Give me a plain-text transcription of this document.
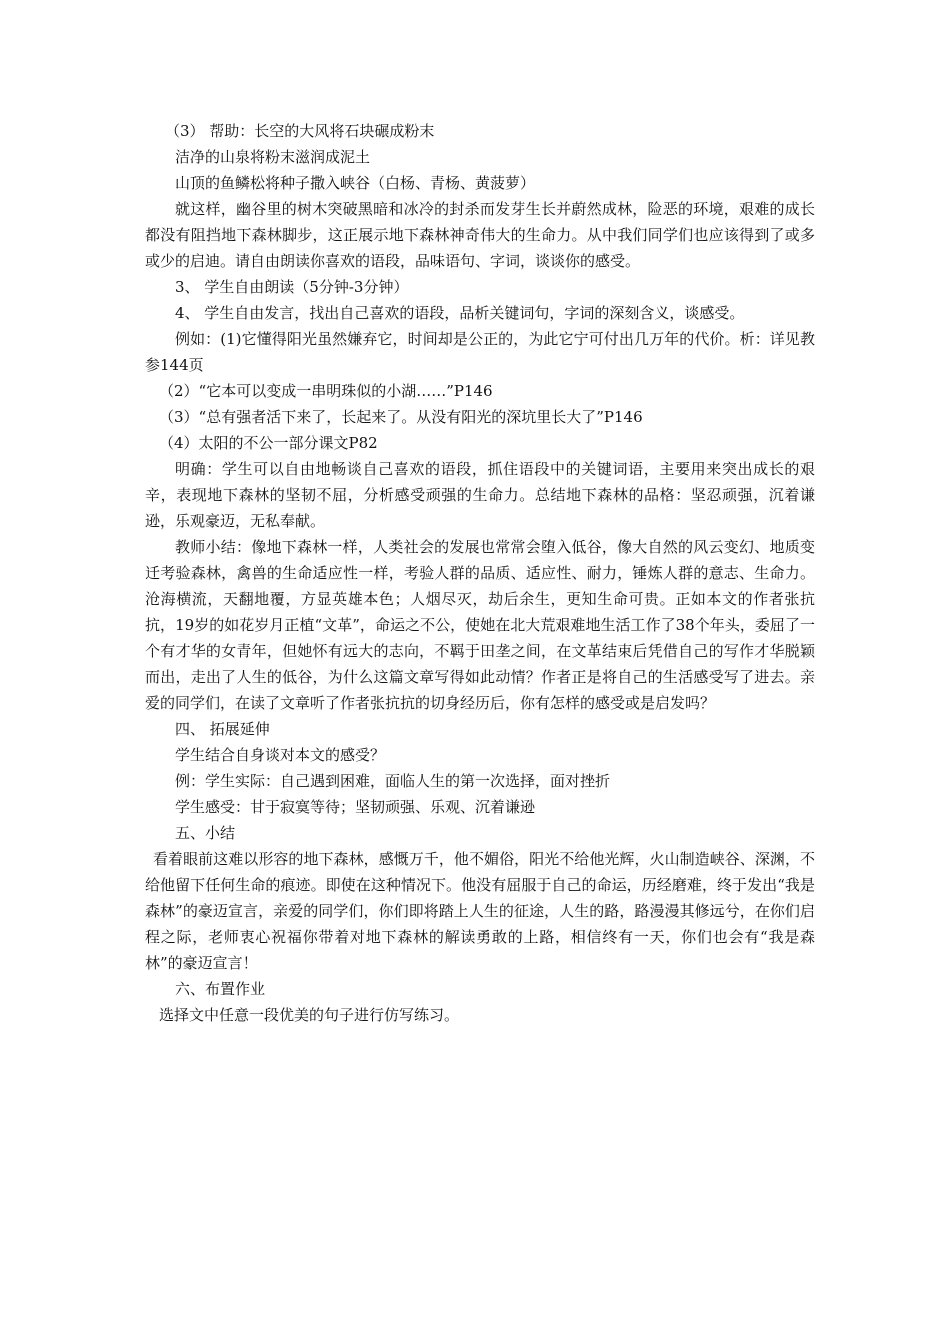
（3） 帮助：长空的大风将石块碾成粉末

洁净的山泉将粉末滋润成泥土

山顶的鱼鳞松将种子撒入峡谷（白杨、青杨、黄菠萝）

就这样，幽谷里的树木突破黑暗和冰冷的封杀而发芽生长并蔚然成林，险恶的环境，艰难的成长都没有阻挡地下森林脚步，这正展示地下森林神奇伟大的生命力。从中我们同学们也应该得到了或多或少的启迪。请自由朗读你喜欢的语段，品味语句、字词，谈谈你的感受。

3、 学生自由朗读（5分钟-3分钟）

4、 学生自由发言，找出自己喜欢的语段，品析关键词句，字词的深刻含义，谈感受。

例如：(1)它懂得阳光虽然嫌弃它，时间却是公正的，为此它宁可付出几万年的代价。析：详见教参144页

（2）“它本可以变成一串明珠似的小湖……”P146

（3）“总有强者活下来了，长起来了。从没有阳光的深坑里长大了”P146

（4）太阳的不公一部分课文P82

明确：学生可以自由地畅谈自己喜欢的语段，抓住语段中的关键词语，主要用来突出成长的艰辛，表现地下森林的坚韧不屈，分析感受顽强的生命力。总结地下森林的品格：坚忍顽强，沉着谦逊，乐观豪迈，无私奉献。

教师小结：像地下森林一样，人类社会的发展也常常会堕入低谷，像大自然的风云变幻、地质变迁考验森林，禽兽的生命适应性一样，考验人群的品质、适应性、耐力，锤炼人群的意志、生命力。沧海横流，天翻地覆，方显英雄本色；人烟尽灭，劫后余生，更知生命可贵。正如本文的作者张抗抗，19岁的如花岁月正植“文革”，命运之不公，使她在北大荒艰难地生活工作了38个年头，委屈了一个有才华的女青年，但她怀有远大的志向，不羁于田垄之间，在文革结束后凭借自己的写作才华脱颖而出，走出了人生的低谷，为什么这篇文章写得如此动情？作者正是将自己的生活感受写了进去。亲爱的同学们，在读了文章听了作者张抗抗的切身经历后，你有怎样的感受或是启发吗？

四、 拓展延伸

学生结合自身谈对本文的感受？

例：学生实际：自己遇到困难，面临人生的第一次选择，面对挫折

学生感受：甘于寂寞等待；坚韧顽强、乐观、沉着谦逊

五、小结

看着眼前这难以形容的地下森林，感慨万千，他不媚俗，阳光不给他光辉，火山制造峡谷、深渊，不给他留下任何生命的痕迹。即使在这种情况下。他没有屈服于自己的命运，历经磨难，终于发出“我是森林”的豪迈宣言，亲爱的同学们，你们即将踏上人生的征途，人生的路，路漫漫其修远兮，在你们启程之际，老师衷心祝福你带着对地下森林的解读勇敢的上路，相信终有一天，你们也会有“我是森林”的豪迈宣言！

六、布置作业

选择文中任意一段优美的句子进行仿写练习。
